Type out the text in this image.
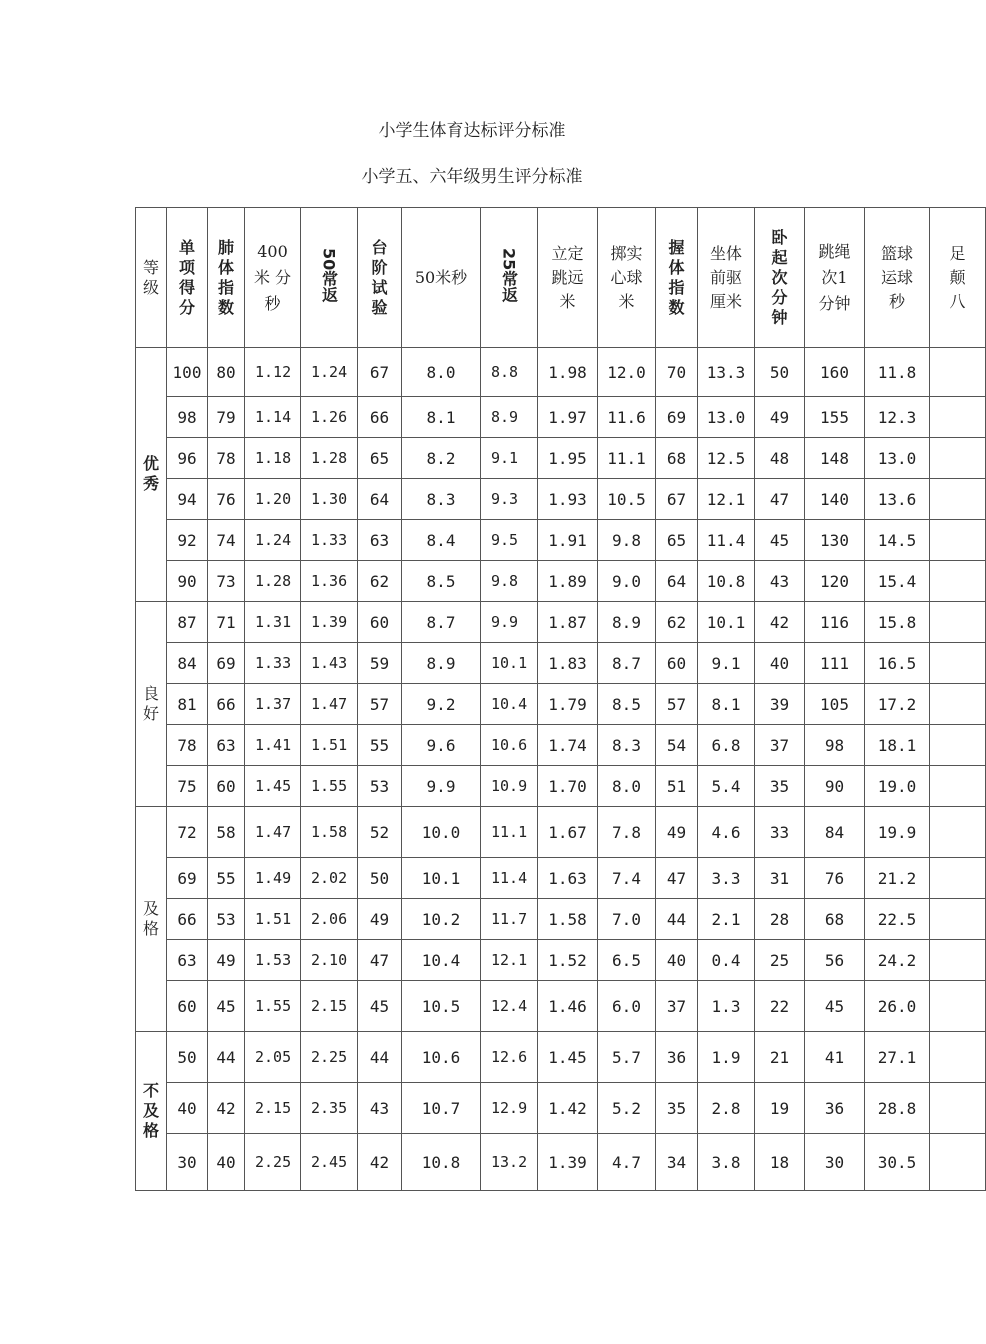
小学生体育达标评分标准
小学五、六年级男生评分标准
等级	单项得分	肺体指数	400米 分秒	50常返	台阶试验	50米秒	25常返	立定跳远米	掷实心球米	握体指数	坐体前驱厘米	卧起次分钟	跳绳次1 分钟	篮球运球秒	足颠八
优秀	100	80	1.12	1.24	67	8.0	8.8	1.98	12.0	70	13.3	50	160	11.8	
	98	79	1.14	1.26	66	8.1	8.9	1.97	11.6	69	13.0	49	155	12.3	
	96	78	1.18	1.28	65	8.2	9.1	1.95	11.1	68	12.5	48	148	13.0	
	94	76	1.20	1.30	64	8.3	9.3	1.93	10.5	67	12.1	47	140	13.6	
	92	74	1.24	1.33	63	8.4	9.5	1.91	9.8	65	11.4	45	130	14.5	
	90	73	1.28	1.36	62	8.5	9.8	1.89	9.0	64	10.8	43	120	15.4	
良好	87	71	1.31	1.39	60	8.7	9.9	1.87	8.9	62	10.1	42	116	15.8	
	84	69	1.33	1.43	59	8.9	10.1	1.83	8.7	60	9.1	40	111	16.5	
	81	66	1.37	1.47	57	9.2	10.4	1.79	8.5	57	8.1	39	105	17.2	
	78	63	1.41	1.51	55	9.6	10.6	1.74	8.3	54	6.8	37	98	18.1	
	75	60	1.45	1.55	53	9.9	10.9	1.70	8.0	51	5.4	35	90	19.0	
及格	72	58	1.47	1.58	52	10.0	11.1	1.67	7.8	49	4.6	33	84	19.9	
	69	55	1.49	2.02	50	10.1	11.4	1.63	7.4	47	3.3	31	76	21.2	
	66	53	1.51	2.06	49	10.2	11.7	1.58	7.0	44	2.1	28	68	22.5	
	63	49	1.53	2.10	47	10.4	12.1	1.52	6.5	40	0.4	25	56	24.2	
	60	45	1.55	2.15	45	10.5	12.4	1.46	6.0	37	1.3	22	45	26.0	
不及格	50	44	2.05	2.25	44	10.6	12.6	1.45	5.7	36	1.9	21	41	27.1	
	40	42	2.15	2.35	43	10.7	12.9	1.42	5.2	35	2.8	19	36	28.8	
	30	40	2.25	2.45	42	10.8	13.2	1.39	4.7	34	3.8	18	30	30.5	
